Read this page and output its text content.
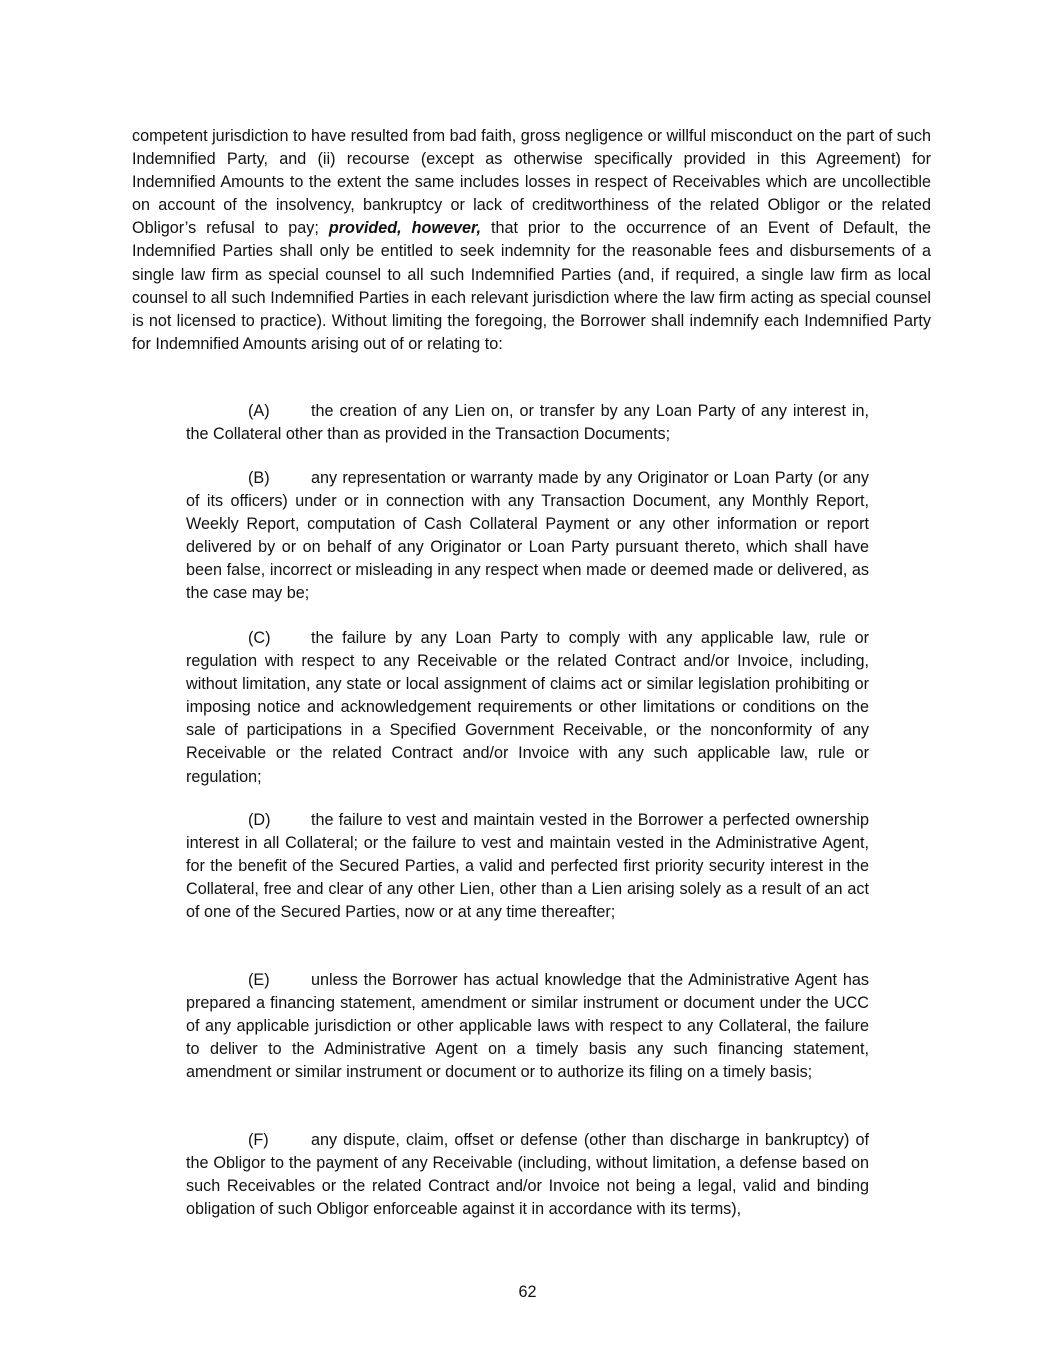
competent jurisdiction to have resulted from bad faith, gross negligence or willful misconduct on the part of such Indemnified Party, and (ii) recourse (except as otherwise specifically provided in this Agreement) for Indemnified Amounts to the extent the same includes losses in respect of Receivables which are uncollectible on account of the insolvency, bankruptcy or lack of creditworthiness of the related Obligor or the related Obligor’s refusal to pay; provided, however, that prior to the occurrence of an Event of Default, the Indemnified Parties shall only be entitled to seek indemnity for the reasonable fees and disbursements of a single law firm as special counsel to all such Indemnified Parties (and, if required, a single law firm as local counsel to all such Indemnified Parties in each relevant jurisdiction where the law firm acting as special counsel is not licensed to practice). Without limiting the foregoing, the Borrower shall indemnify each Indemnified Party for Indemnified Amounts arising out of or relating to:

(A)	the creation of any Lien on, or transfer by any Loan Party of any interest in, the Collateral other than as provided in the Transaction Documents;

(B)	any representation or warranty made by any Originator or Loan Party (or any of its officers) under or in connection with any Transaction Document, any Monthly Report, Weekly Report, computation of Cash Collateral Payment or any other information or report delivered by or on behalf of any Originator or Loan Party pursuant thereto, which shall have been false, incorrect or misleading in any respect when made or deemed made or delivered, as the case may be;

(C)	the failure by any Loan Party to comply with any applicable law, rule or regulation with respect to any Receivable or the related Contract and/or Invoice, including, without limitation, any state or local assignment of claims act or similar legislation prohibiting or imposing notice and acknowledgement requirements or other limitations or conditions on the sale of participations in a Specified Government Receivable, or the nonconformity of any Receivable or the related Contract and/or Invoice with any such applicable law, rule or regulation;

(D)	the failure to vest and maintain vested in the Borrower a perfected ownership interest in all Collateral; or the failure to vest and maintain vested in the Administrative Agent, for the benefit of the Secured Parties, a valid and perfected first priority security interest in the Collateral, free and clear of any other Lien, other than a Lien arising solely as a result of an act of one of the Secured Parties, now or at any time thereafter;

(E)	unless the Borrower has actual knowledge that the Administrative Agent has prepared a financing statement, amendment or similar instrument or document under the UCC of any applicable jurisdiction or other applicable laws with respect to any Collateral, the failure to deliver to the Administrative Agent on a timely basis any such financing statement, amendment or similar instrument or document or to authorize its filing on a timely basis;

(F)	any dispute, claim, offset or defense (other than discharge in bankruptcy) of the Obligor to the payment of any Receivable (including, without limitation, a defense based on such Receivables or the related Contract and/or Invoice not being a legal, valid and binding obligation of such Obligor enforceable against it in accordance with its terms),

62
